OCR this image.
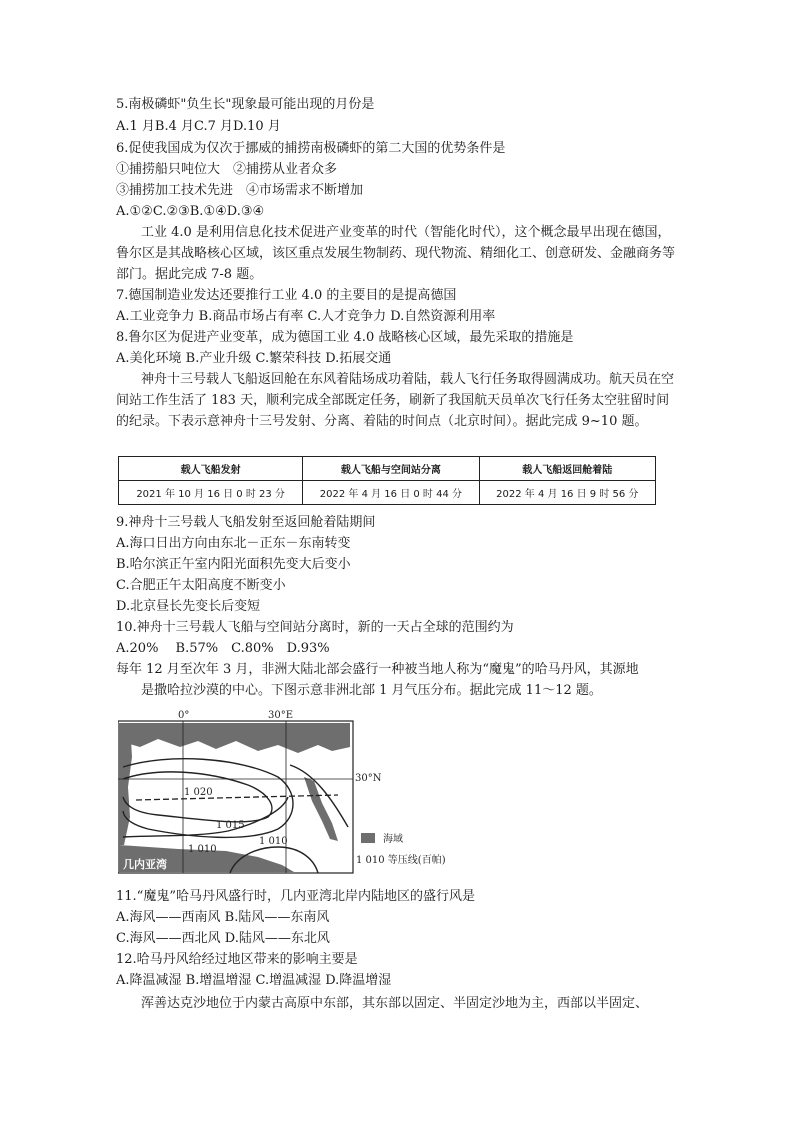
5.南极磷虾"负生长"现象最可能出现的月份是
A.1 月B.4 月C.7 月D.10 月
6.促使我国成为仅次于挪威的捕捞南极磷虾的第二大国的优势条件是
①捕捞船只吨位大　②捕捞从业者众多
③捕捞加工技术先进　④市场需求不断增加
A.①②C.②③B.①④D.③④
工业 4.0 是利用信息化技术促进产业变革的时代（智能化时代），这个概念最早出现在德国，鲁尔区是其战略核心区域，该区重点发展生物制药、现代物流、精细化工、创意研发、金融商务等部门。据此完成 7-8 题。
7.德国制造业发达还要推行工业 4.0 的主要目的是提高德国
A.工业竞争力 B.商品市场占有率 C.人才竞争力 D.自然资源利用率
8.鲁尔区为促进产业变革，成为德国工业 4.0 战略核心区域，最先采取的措施是
A.美化环境 B.产业升级 C.繁荣科技 D.拓展交通
神舟十三号载人飞船返回舱在东风着陆场成功着陆，载人飞行任务取得圆满成功。航天员在空间站工作生活了 183 天，顺利完成全部既定任务，刷新了我国航天员单次飞行任务太空驻留时间的纪录。下表示意神舟十三号发射、分离、着陆的时间点（北京时间）。据此完成 9~10 题。
载人飞船发射	载人飞船与空间站分离	载人飞船返回舱着陆
2021 年 10 月 16 日 0 时 23 分	2022 年 4 月 16 日 0 时 44 分	2022 年 4 月 16 日 9 时 56 分
9.神舟十三号载人飞船发射至返回舱着陆期间
A.海口日出方向由东北－正东－东南转变
B.哈尔滨正午室内阳光面积先变大后变小
C.合肥正午太阳高度不断变小
D.北京昼长先变长后变短
10.神舟十三号载人飞船与空间站分离时，新的一天占全球的范围约为
A.20%　 B.57%　C.80%　D.93%
每年 12 月至次年 3 月，非洲大陆北部会盛行一种被当地人称为“魔鬼”的哈马丹风，其源地
是撒哈拉沙漠的中心。下图示意非洲北部 1 月气压分布。据此完成 11～12 题。
0°	30°E
30°N
1 020
1 015
1 010
1 010
几内亚湾
海域
1 010 等压线(百帕)
11.“魔鬼”哈马丹风盛行时，几内亚湾北岸内陆地区的盛行风是
A.海风——西南风 B.陆风——东南风
C.海风——西北风 D.陆风——东北风
12.哈马丹风给经过地区带来的影响主要是
A.降温减湿 B.增温增湿 C.增温减湿 D.降温增湿
浑善达克沙地位于内蒙古高原中东部，其东部以固定、半固定沙地为主，西部以半固定、
